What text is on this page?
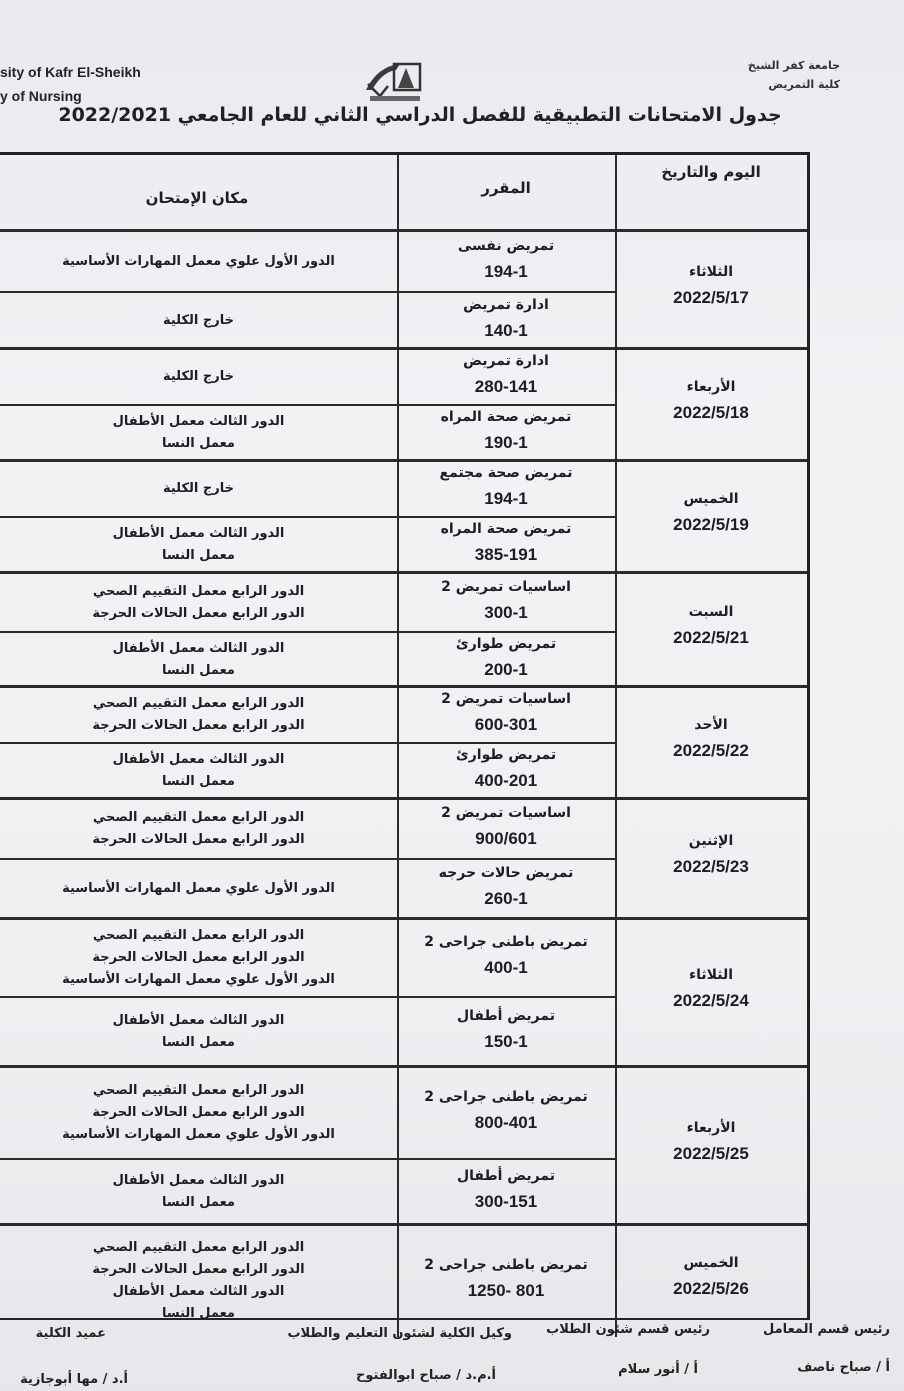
sity of Kafr El-Sheikh
y of Nursing
جامعة كفر الشيخ
كلية التمريض
جدول الامتحانات التطبيقية للفصل الدراسي الثاني للعام الجامعي 2022/2021
اليوم والتاريخ
المقرر
مكان الإمتحان
الثلاثاء
2022/5/17
تمريض نفسى
194-1
الدور الأول علوي معمل المهارات الأساسية
ادارة تمريض
140-1
خارج الكلية
الأربعاء
2022/5/18
ادارة تمريض
280-141
خارج الكلية
تمريض صحة المراه
190-1
الدور الثالث معمل الأطفال
معمل النسا
الخميس
2022/5/19
تمريض صحة مجتمع
194-1
خارج الكلية
تمريض صحة المراه
385-191
الدور الثالث معمل الأطفال
معمل النسا
السبت
2022/5/21
اساسيات تمريض 2
300-1
الدور الرابع معمل التقييم الصحي
الدور الرابع معمل الحالات الحرجة
تمريض طوارئ
200-1
الدور الثالث معمل الأطفال
معمل النسا
الأحد
2022/5/22
اساسيات تمريض 2
600-301
الدور الرابع معمل التقييم الصحي
الدور الرابع معمل الحالات الحرجة
تمريض طوارئ
400-201
الدور الثالث معمل الأطفال
معمل النسا
الإثنين
2022/5/23
اساسيات تمريض 2
900/601
الدور الرابع معمل التقييم الصحي
الدور الرابع معمل الحالات الحرجة
تمريض حالات حرجه
260-1
الدور الأول علوي معمل المهارات الأساسية
الثلاثاء
2022/5/24
تمريض باطنى جراحى 2
400-1
الدور الرابع معمل التقييم الصحي
الدور الرابع معمل الحالات الحرجة
الدور الأول علوي معمل المهارات الأساسية
تمريض أطفال
150-1
الدور الثالث معمل الأطفال
معمل النسا
الأربعاء
2022/5/25
تمريض باطنى جراحى 2
800-401
الدور الرابع معمل التقييم الصحي
الدور الرابع معمل الحالات الحرجة
الدور الأول علوي معمل المهارات الأساسية
تمريض أطفال
300-151
الدور الثالث معمل الأطفال
معمل النسا
الخميس
2022/5/26
تمريض باطنى جراحى 2
1250- 801
الدور الرابع معمل التقييم الصحي
الدور الرابع معمل الحالات الحرجة
الدور الثالث معمل الأطفال
معمل النسا
رئيس قسم المعامل
رئيس قسم شئون الطلاب
وكيل الكلية لشئون التعليم والطلاب
عميد الكلية
أ / صباح ناصف
أ / أنور سلام
أ.م.د / صباح ابوالفتوح
أ.د / مها أبوجازية
